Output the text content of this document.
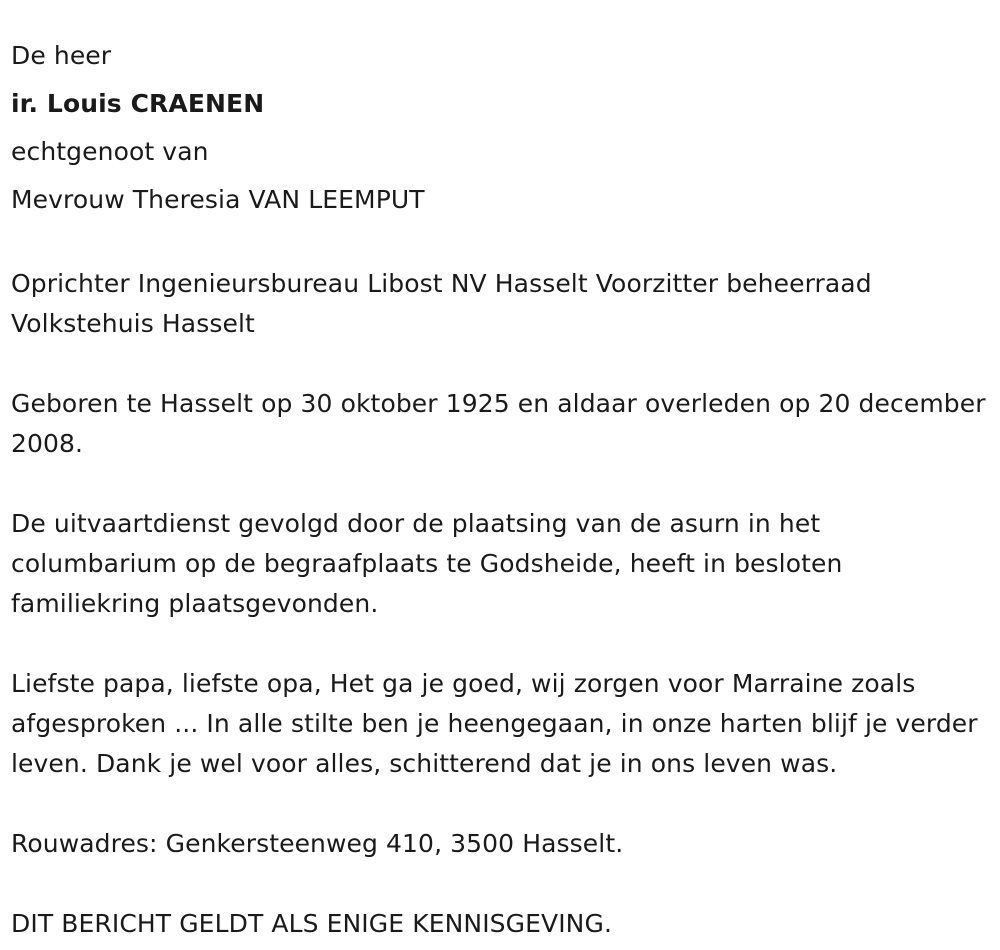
De heer
ir. Louis CRAENEN
echtgenoot van
Mevrouw Theresia VAN LEEMPUT

Oprichter Ingenieursbureau Libost NV Hasselt Voorzitter beheerraad Volkstehuis Hasselt

Geboren te Hasselt op 30 oktober 1925 en aldaar overleden op 20 december 2008.

De uitvaartdienst gevolgd door de plaatsing van de asurn in het columbarium op de begraafplaats te Godsheide, heeft in besloten familiekring plaatsgevonden.

Liefste papa, liefste opa, Het ga je goed, wij zorgen voor Marraine zoals afgesproken ... In alle stilte ben je heengegaan, in onze harten blijf je verder leven. Dank je wel voor alles, schitterend dat je in ons leven was.

Rouwadres: Genkersteenweg 410, 3500 Hasselt.

DIT BERICHT GELDT ALS ENIGE KENNISGEVING.
